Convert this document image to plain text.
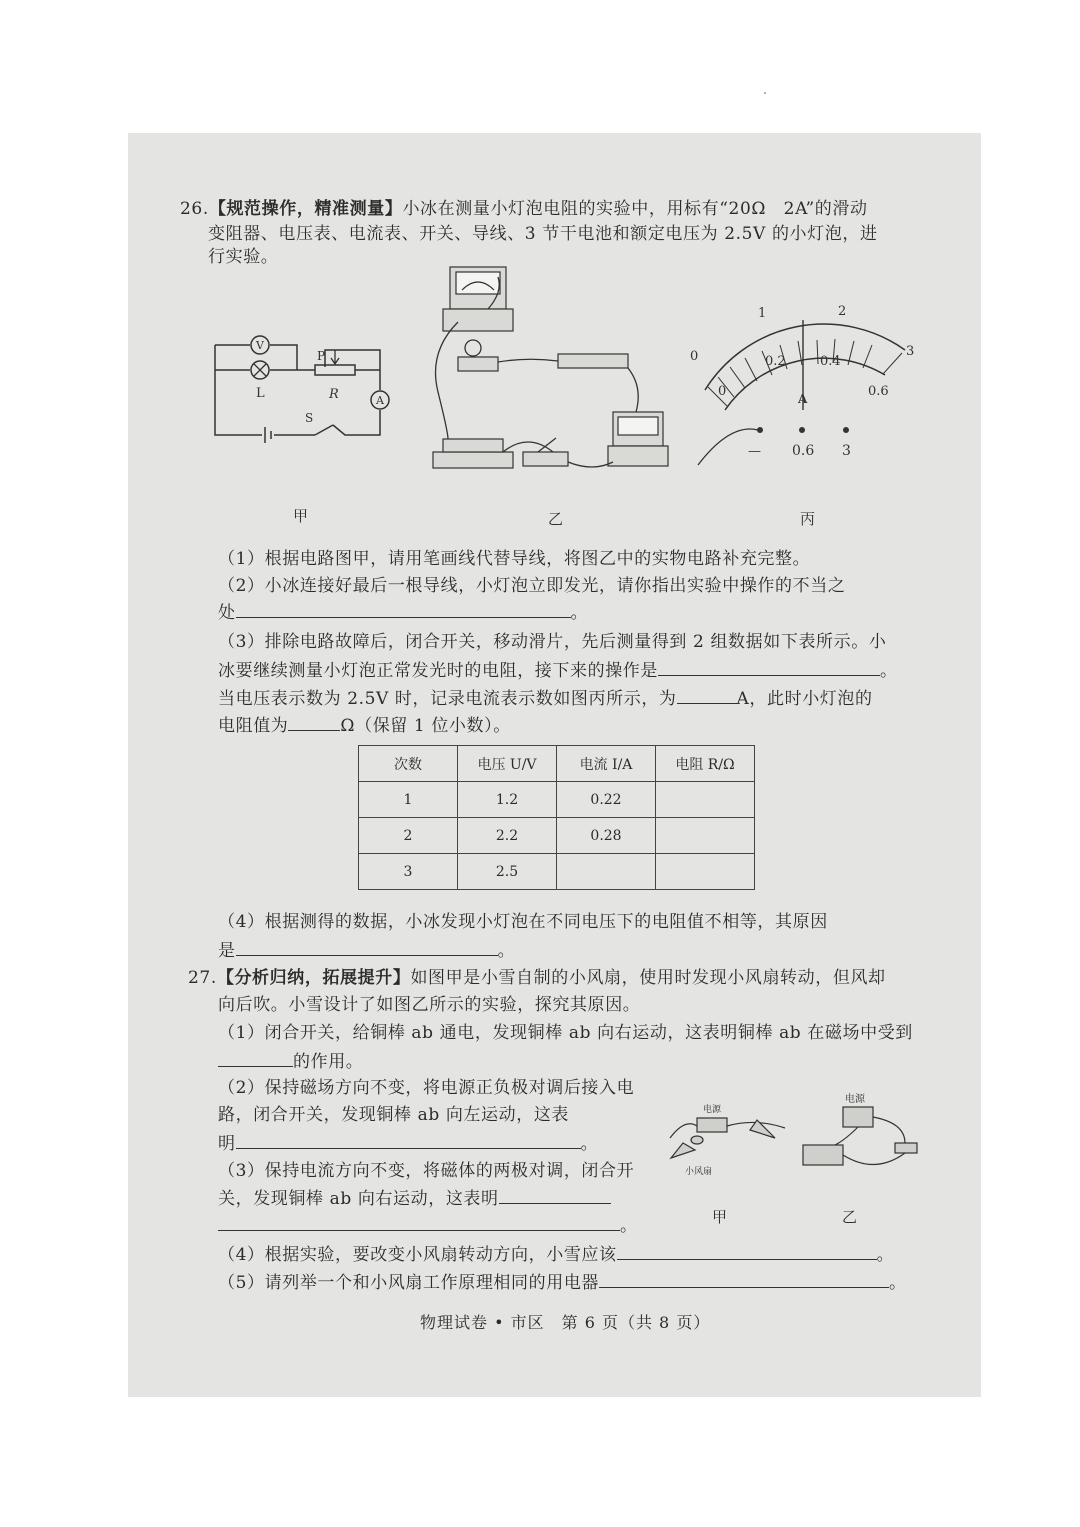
26.【规范操作，精准测量】小冰在测量小灯泡电阻的实验中，用标有“20Ω　2A”的滑动
变阻器、电压表、电流表、开关、导线、3 节干电池和额定电压为 2.5V 的小灯泡，进
行实验。
V
A
P
R
L
S
0
1	2
3
0
0.2	0.4
0.6
A
— 0.6 3
甲	乙	丙
（1）根据电路图甲，请用笔画线代替导线，将图乙中的实物电路补充完整。
（2）小冰连接好最后一根导线，小灯泡立即发光，请你指出实验中操作的不当之
处	。
（3）排除电路故障后，闭合开关，移动滑片，先后测量得到 2 组数据如下表所示。小
冰要继续测量小灯泡正常发光时的电阻，接下来的操作是	。
当电压表示数为 2.5V 时，记录电流表示数如图丙所示，为	A，此时小灯泡的
电阻值为	Ω（保留 1 位小数）。
次数	电压 U/V	电流 I/A	电阻 R/Ω
1	1.2	0.22	
2	2.2	0.28	
3	2.5		
（4）根据测得的数据，小冰发现小灯泡在不同电压下的电阻值不相等，其原因
是	。
27.【分析归纳，拓展提升】如图甲是小雪自制的小风扇，使用时发现小风扇转动，但风却
向后吹。小雪设计了如图乙所示的实验，探究其原因。
（1）闭合开关，给铜棒 ab 通电，发现铜棒 ab 向右运动，这表明铜棒 ab 在磁场中受到
的作用。
（2）保持磁场方向不变，将电源正负极对调后接入电
路，闭合开关，发现铜棒 ab 向左运动，这表
明	。
（3）保持电流方向不变，将磁体的两极对调，闭合开
关，发现铜棒 ab 向右运动，这表明
。
（4）根据实验，要改变小风扇转动方向，小雪应该	。
（5）请列举一个和小风扇工作原理相同的用电器	。
电源
小风扇
电源
甲	乙
物理试卷 • 市区　第 6 页（共 8 页）
